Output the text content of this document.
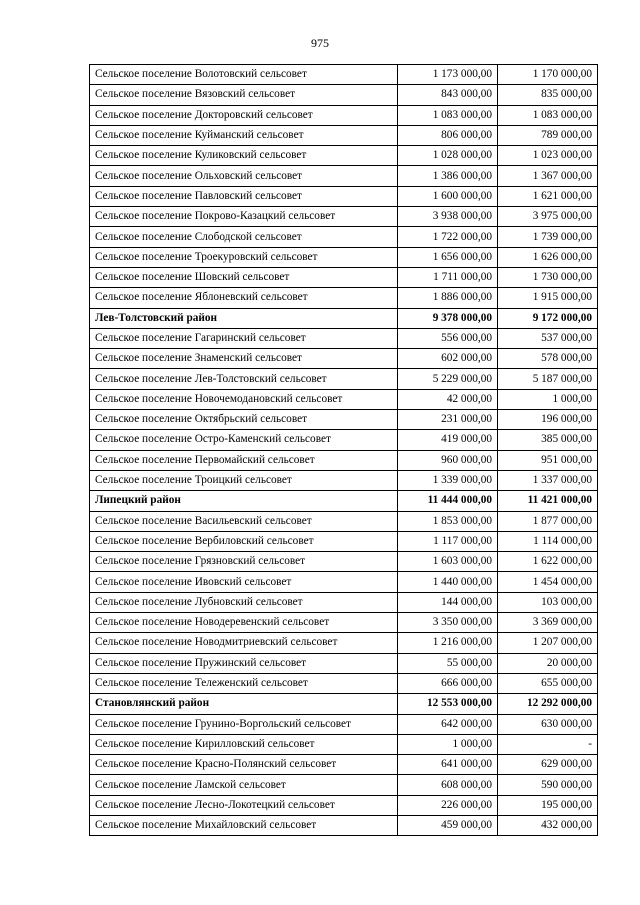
975
Сельское поселение Волотовский сельсовет	1 173 000,00	1 170 000,00
Сельское поселение Вязовский сельсовет	843 000,00	835 000,00
Сельское поселение Докторовский сельсовет	1 083 000,00	1 083 000,00
Сельское поселение Куйманский сельсовет	806 000,00	789 000,00
Сельское поселение Куликовский сельсовет	1 028 000,00	1 023 000,00
Сельское поселение Ольховский сельсовет	1 386 000,00	1 367 000,00
Сельское поселение Павловский сельсовет	1 600 000,00	1 621 000,00
Сельское поселение Покрово-Казацкий сельсовет	3 938 000,00	3 975 000,00
Сельское поселение Слободской сельсовет	1 722 000,00	1 739 000,00
Сельское поселение Троекуровский сельсовет	1 656 000,00	1 626 000,00
Сельское поселение Шовский сельсовет	1 711 000,00	1 730 000,00
Сельское поселение Яблоневский сельсовет	1 886 000,00	1 915 000,00
Лев-Толстовский район	9 378 000,00	9 172 000,00
Сельское поселение Гагаринский сельсовет	556 000,00	537 000,00
Сельское поселение Знаменский сельсовет	602 000,00	578 000,00
Сельское поселение Лев-Толстовский сельсовет	5 229 000,00	5 187 000,00
Сельское поселение Новочемодановский сельсовет	42 000,00	1 000,00
Сельское поселение Октябрьский сельсовет	231 000,00	196 000,00
Сельское поселение Остро-Каменский сельсовет	419 000,00	385 000,00
Сельское поселение Первомайский сельсовет	960 000,00	951 000,00
Сельское поселение Троицкий сельсовет	1 339 000,00	1 337 000,00
Липецкий район	11 444 000,00	11 421 000,00
Сельское поселение Васильевский сельсовет	1 853 000,00	1 877 000,00
Сельское поселение Вербиловский сельсовет	1 117 000,00	1 114 000,00
Сельское поселение Грязновский сельсовет	1 603 000,00	1 622 000,00
Сельское поселение Ивовский сельсовет	1 440 000,00	1 454 000,00
Сельское поселение Лубновский сельсовет	144 000,00	103 000,00
Сельское поселение Новодеревенский сельсовет	3 350 000,00	3 369 000,00
Сельское поселение Новодмитриевский сельсовет	1 216 000,00	1 207 000,00
Сельское поселение Пружинский сельсовет	55 000,00	20 000,00
Сельское поселение Тележенский сельсовет	666 000,00	655 000,00
Становлянский район	12 553 000,00	12 292 000,00
Сельское поселение Грунино-Воргольский сельсовет	642 000,00	630 000,00
Сельское поселение Кирилловский сельсовет	1 000,00	-
Сельское поселение Красно-Полянский сельсовет	641 000,00	629 000,00
Сельское поселение Ламской сельсовет	608 000,00	590 000,00
Сельское поселение Лесно-Локотецкий сельсовет	226 000,00	195 000,00
Сельское поселение Михайловский сельсовет	459 000,00	432 000,00
